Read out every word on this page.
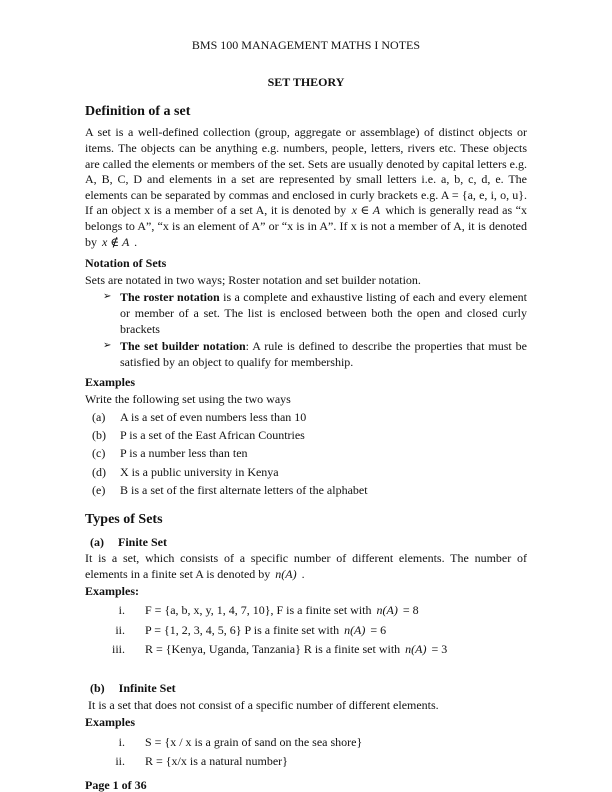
BMS 100 MANAGEMENT MATHS I NOTES
SET THEORY
Definition of a set
A set is a well-defined collection (group, aggregate or assemblage) of distinct objects or items. The objects can be anything e.g. numbers, people, letters, rivers etc. These objects are called the elements or members of the set. Sets are usually denoted by capital letters e.g. A, B, C, D and elements in a set are represented by small letters i.e. a, b, c, d, e. The elements can be separated by commas and enclosed in curly brackets e.g. A = {a, e, i, o, u}. If an object x is a member of a set A, it is denoted by x ∈ A which is generally read as “x belongs to A”, “x is an element of A” or “x is in A”. If x is not a member of A, it is denoted by x ∉ A .
Notation of Sets
Sets are notated in two ways; Roster notation and set builder notation.
➢ The roster notation is a complete and exhaustive listing of each and every element or member of a set. The list is enclosed between both the open and closed curly brackets
➢ The set builder notation: A rule is defined to describe the properties that must be satisfied by an object to qualify for membership.
Examples
Write the following set using the two ways
(a)	A is a set of even numbers less than 10
(b)	P is a set of the East African Countries
(c)	P is a number less than ten
(d)	X is a public university in Kenya
(e)	B is a set of the first alternate letters of the alphabet
Types of Sets
(a) Finite Set
It is a set, which consists of a specific number of different elements. The number of elements in a finite set A is denoted by n(A) .
Examples:
i. F = {a, b, x, y, 1, 4, 7, 10}, F is a finite set with n(A) = 8
ii. P = {1, 2, 3, 4, 5, 6} P is a finite set with n(A) = 6
iii. R = {Kenya, Uganda, Tanzania} R is a finite set with n(A) = 3
(b) Infinite Set
It is a set that does not consist of a specific number of different elements.
Examples
i. S = {x / x is a grain of sand on the sea shore}
ii. R = {x/x is a natural number}
Page 1 of 36
